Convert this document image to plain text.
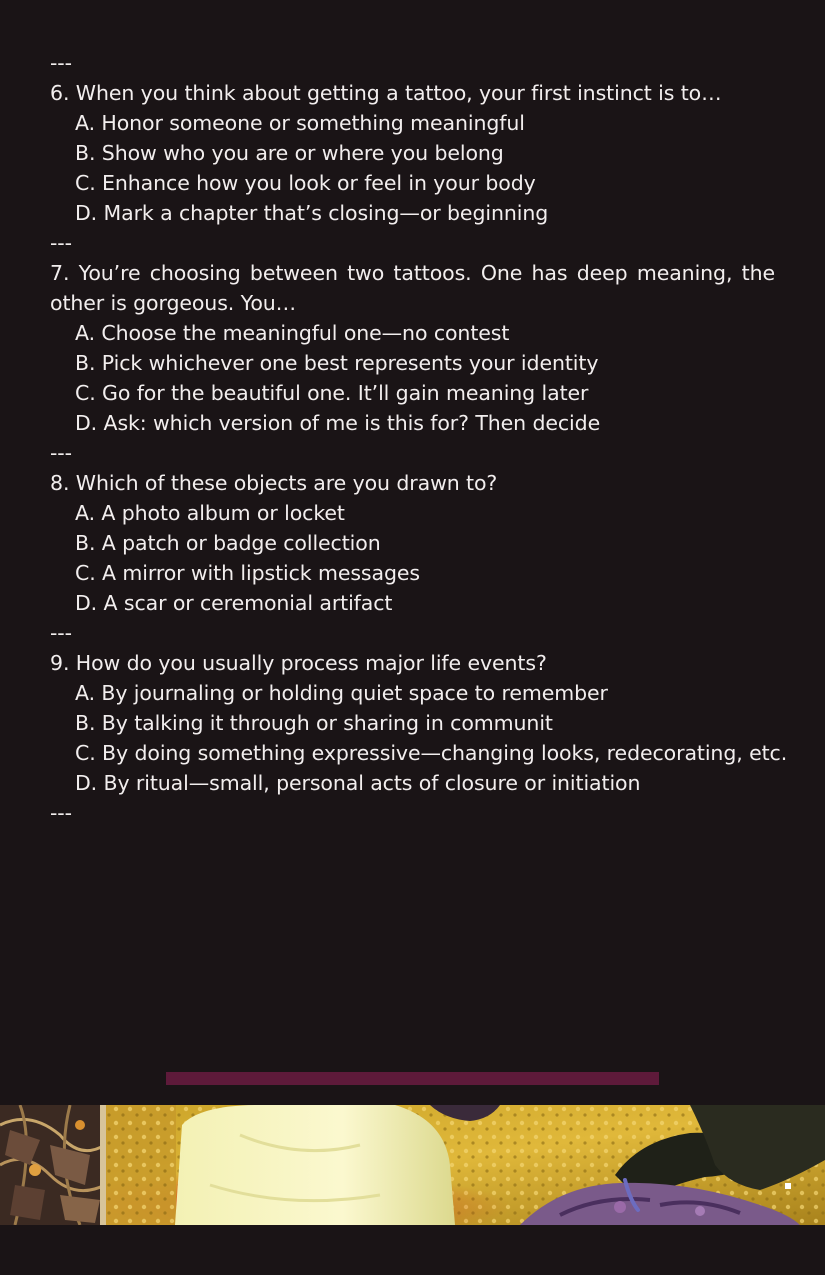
---

6. When you think about getting a tattoo, your first instinct is to…

A. Honor someone or something meaningful

B. Show who you are or where you belong

C. Enhance how you look or feel in your body

D. Mark a chapter that’s closing—or beginning

---

7. You’re choosing between two tattoos. One has deep meaning, the other is gorgeous. You…

A. Choose the meaningful one—no contest

B. Pick whichever one best represents your identity

C. Go for the beautiful one. It’ll gain meaning later

D. Ask: which version of me is this for? Then decide

---

8. Which of these objects are you drawn to?

A. A photo album or locket

B. A patch or badge collection

C. A mirror with lipstick messages

D. A scar or ceremonial artifact

---

9. How do you usually process major life events?

A. By journaling or holding quiet space to remember

B. By talking it through or sharing in communit

C. By doing something expressive—changing looks, redecorating, etc.

D. By ritual—small, personal acts of closure or initiation

---
